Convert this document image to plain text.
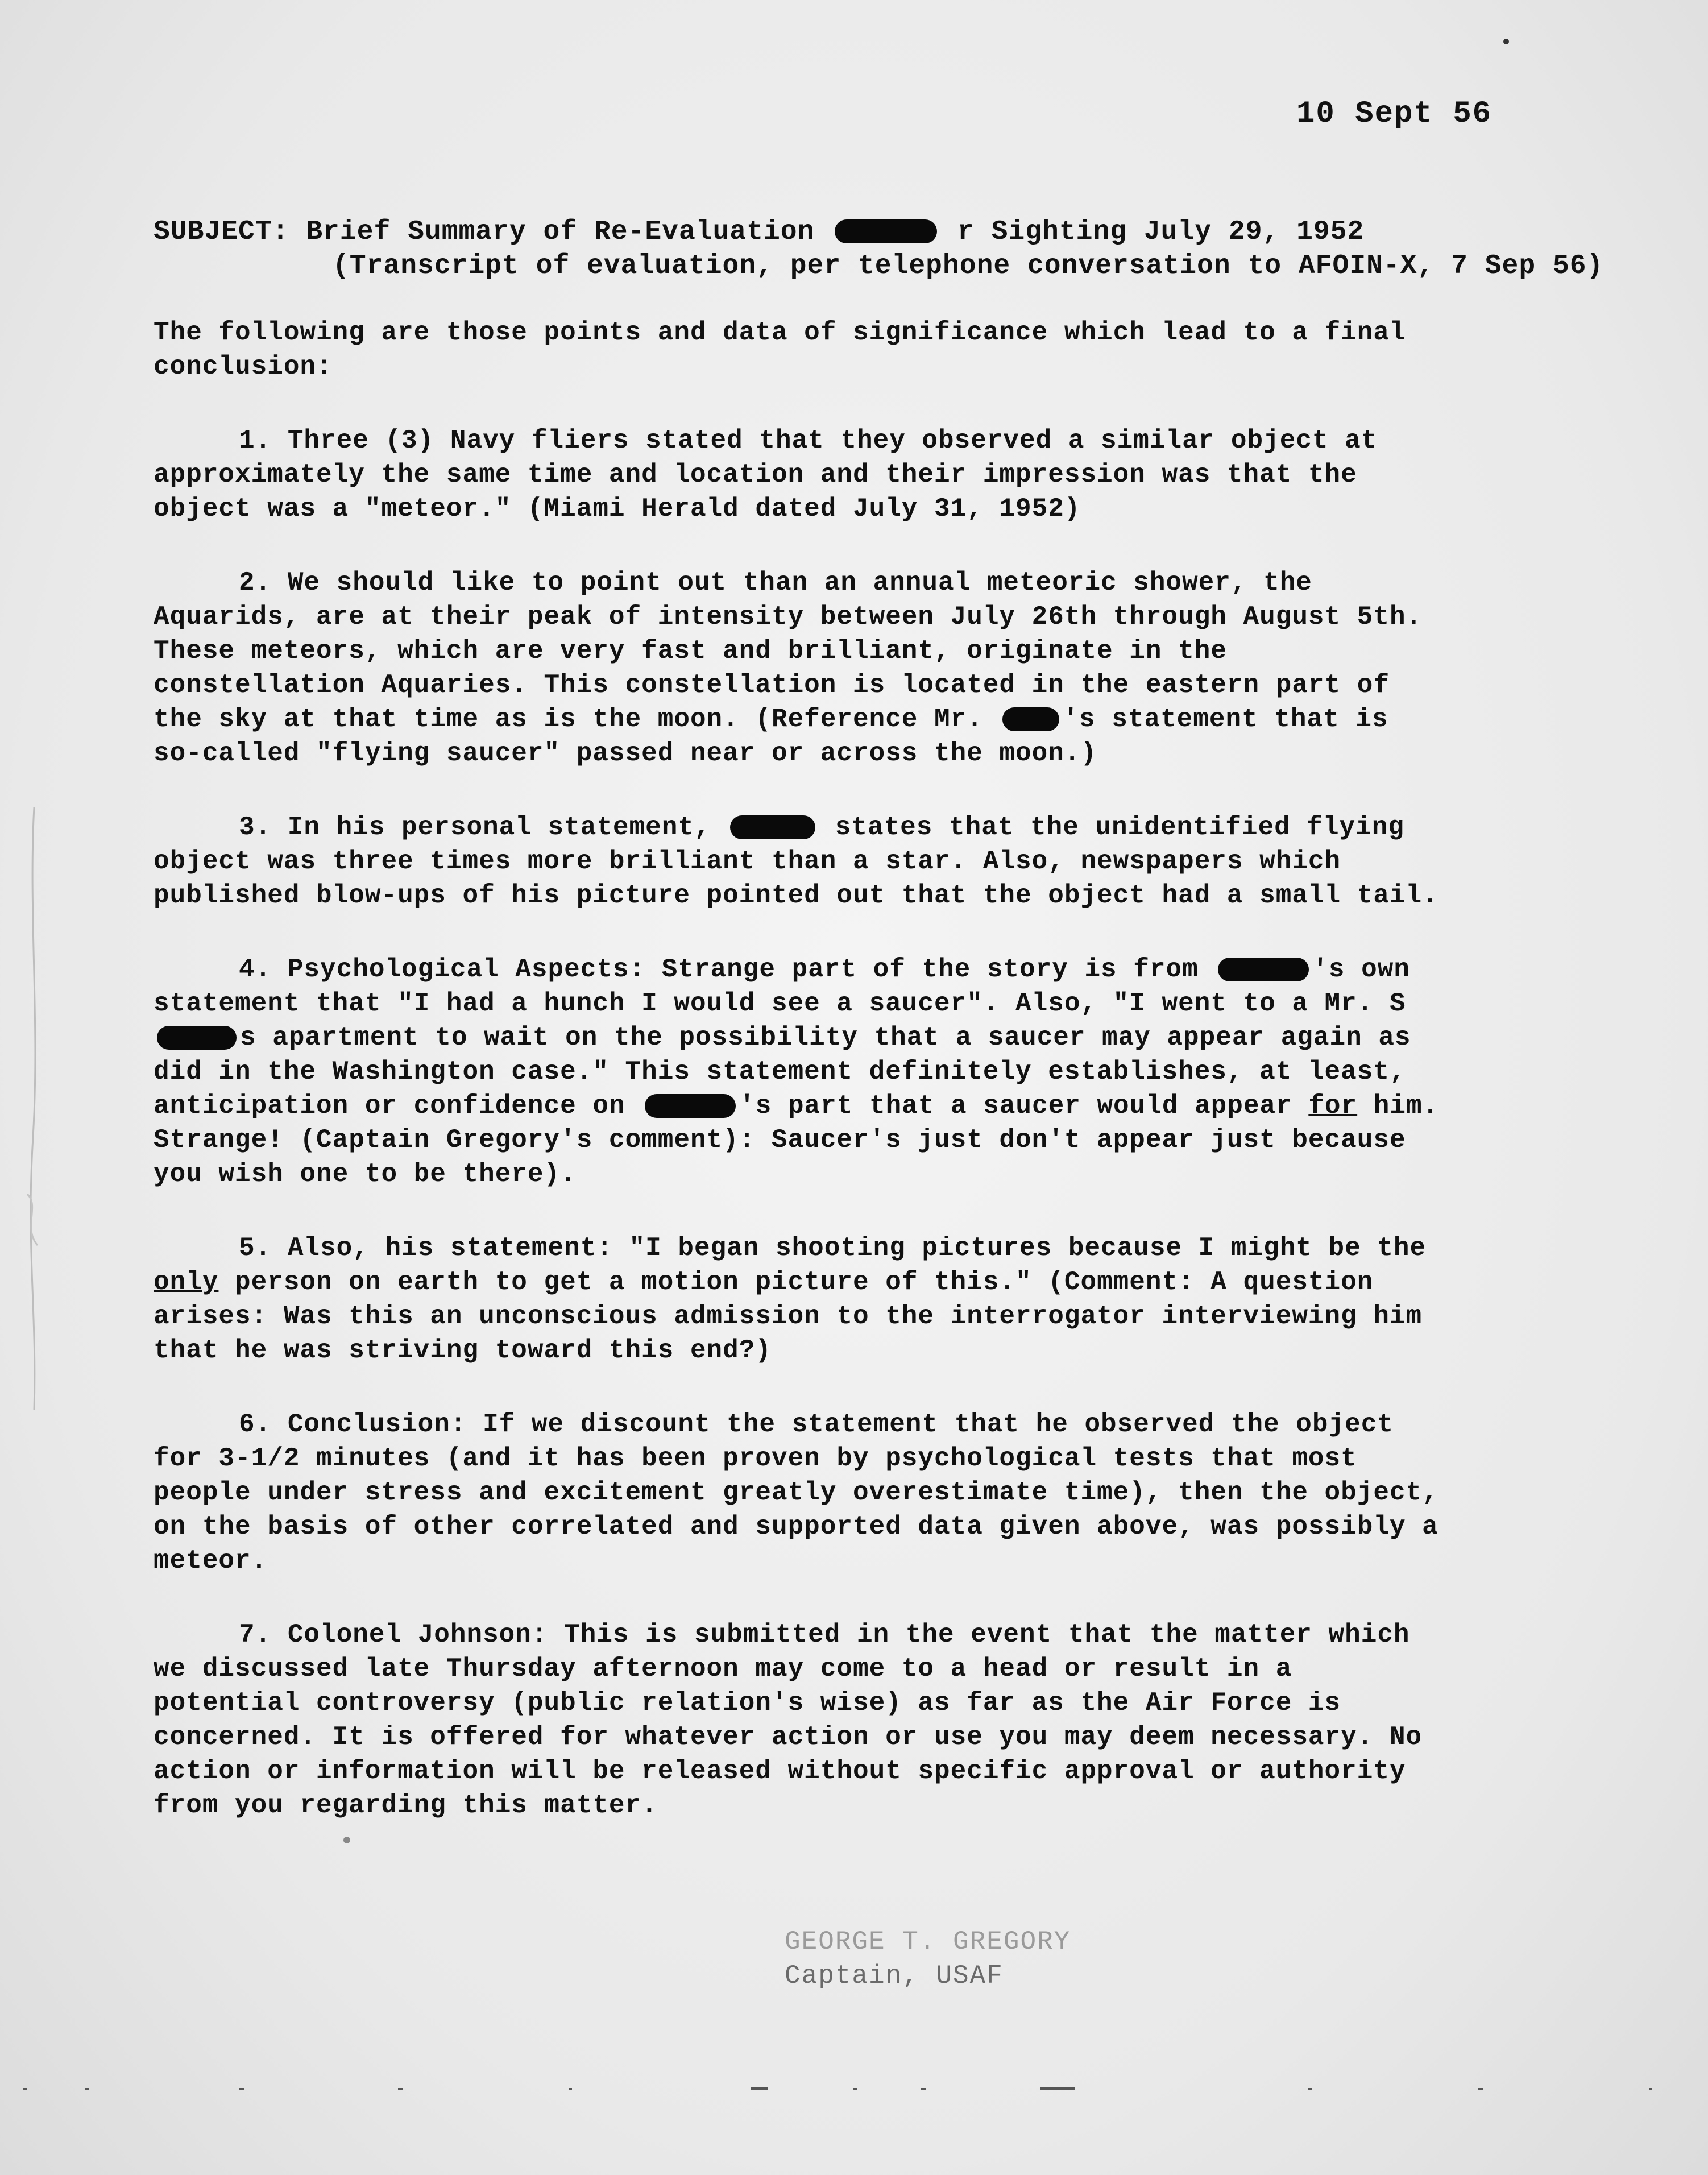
10 Sept 56
SUBJECT: Brief Summary of Re-Evaluation	r Sighting July 29, 1952
(Transcript of evaluation, per telephone conversation to AFOIN-X, 7 Sep 56)
The following are those points and data of significance which lead to a final conclusion:
1. Three (3) Navy fliers stated that they observed a similar object at approximately the same time and location and their impression was that the object was a "meteor." (Miami Herald dated July 31, 1952)
2. We should like to point out than an annual meteoric shower, the Aquarids, are at their peak of intensity between July 26th through August 5th. These meteors, which are very fast and brilliant, originate in the constellation Aquaries. This constellation is located in the eastern part of the sky at that time as is the moon. (Reference Mr.	's statement that is so-called "flying saucer" passed near or across the moon.)
3. In his personal statement,	states that the unidentified flying object was three times more brilliant than a star. Also, newspapers which published blow-ups of his picture pointed out that the object had a small tail.
4. Psychological Aspects: Strange part of the story is from	's own statement that "I had a hunch I would see a saucer". Also, "I went to a Mr. Ss apartment to wait on the possibility that a saucer may appear again as did in the Washington case." This statement definitely establishes, at least, anticipation or confidence on	's part that a saucer would appear for him. Strange! (Captain Gregory's comment): Saucer's just don't appear just because you wish one to be there).
5. Also, his statement: "I began shooting pictures because I might be the only person on earth to get a motion picture of this." (Comment: A question arises: Was this an unconscious admission to the interrogator interviewing him that he was striving toward this end?)
6. Conclusion: If we discount the statement that he observed the object for 3-1/2 minutes (and it has been proven by psychological tests that most people under stress and excitement greatly overestimate time), then the object, on the basis of other correlated and supported data given above, was possibly a meteor.
7. Colonel Johnson: This is submitted in the event that the matter which we discussed late Thursday afternoon may come to a head or result in a potential controversy (public relation's wise) as far as the Air Force is concerned. It is offered for whatever action or use you may deem necessary. No action or information will be released without specific approval or authority from you regarding this matter.
GEORGE T. GREGORY
Captain, USAF
